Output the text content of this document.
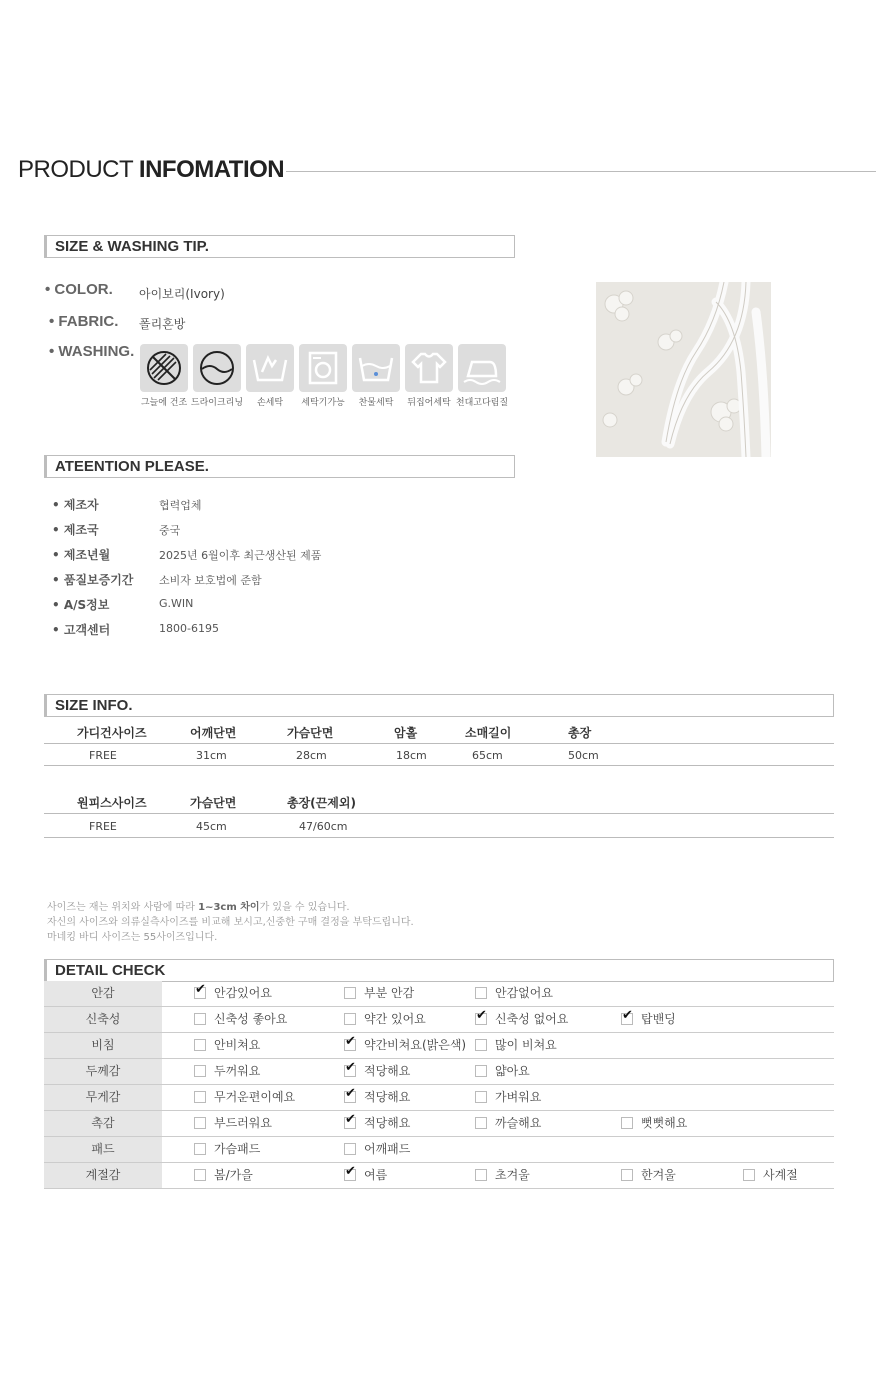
PRODUCT INFOMATION
SIZE & WASHING TIP.
• COLOR. 아이보리(Ivory)
• FABRIC. 폴리혼방
• WASHING.
그늘에 건조 드라이크리닝	손세탁	세탁기가능	찬물세탁	뒤집어세탁 천대고다림질
ATEENTION PLEASE.
• 제조자	협력업체
• 제조국	중국
• 제조년월	2025년 6월이후 최근생산된 제품
• 품질보증기간 소비자 보호법에 준함
• A/S정보	G.WIN
• 고객센터	1800-6195
SIZE INFO.
가디건사이즈	어깨단면	가슴단면	암홀	소매길이	총장
FREE	31cm	28cm	18cm	65cm	50cm
원피스사이즈	가슴단면	총장(끈제외)
FREE	45cm	47/60cm
사이즈는 재는 위치와 사람에 따라 1~3cm 차이가 있을 수 있습니다.
자신의 사이즈와 의류실측사이즈를 비교해 보시고,신중한 구매 결정을 부탁드립니다.
마네킹 바디 사이즈는 55사이즈입니다.
DETAIL CHECK
안감 ✔	안감있어요	부분 안감	안감없어요
신축성	신축성 좋아요	약간 있어요 ✔	신축성 없어요 ✔	탑밴딩
비침	안비쳐요 ✔	약간비쳐요(밝은색)	많이 비쳐요
두께감	두꺼워요 ✔	적당해요	얇아요
무게감	무거운편이예요 ✔	적당해요	가벼워요
촉감	부드러워요 ✔	적당해요	까슬해요	뻣뻣해요
패드	가슴패드	어깨패드
계절감	봄/가을 ✔	여름	초겨울	한겨울	사계절
